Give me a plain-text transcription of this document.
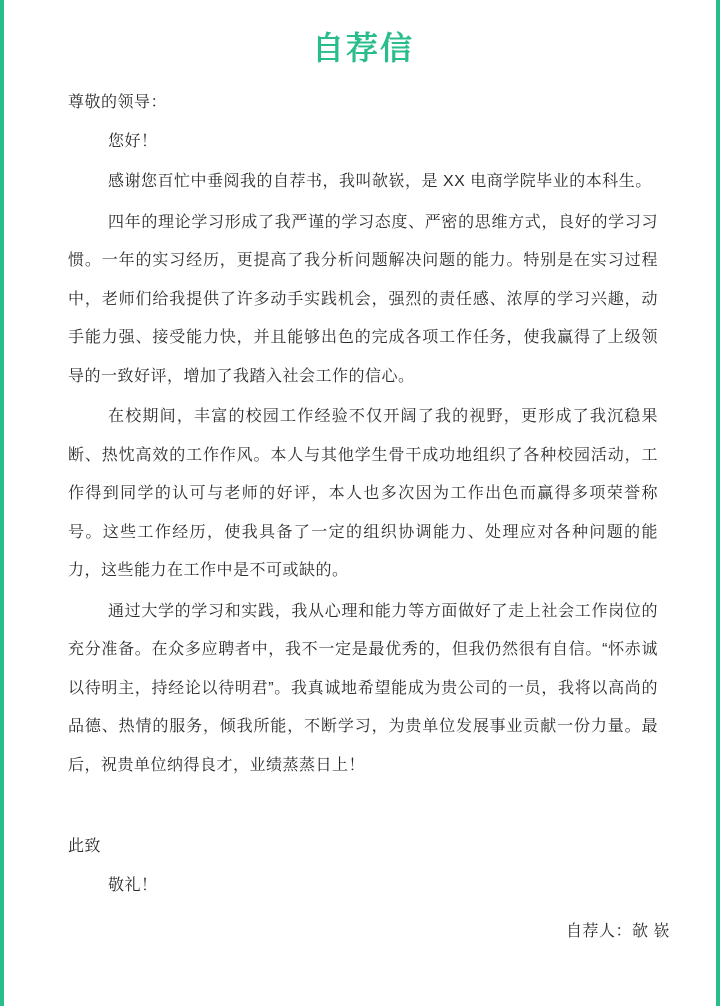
自荐信
尊敬的领导：
您好！

感谢您百忙中垂阅我的自荐书，我叫欹嵚，是 XX 电商学院毕业的本科生。

四年的理论学习形成了我严谨的学习态度、严密的思维方式，良好的学习习惯。一年的实习经历，更提高了我分析问题解决问题的能力。特别是在实习过程中，老师们给我提供了许多动手实践机会，强烈的责任感、浓厚的学习兴趣，动手能力强、接受能力快，并且能够出色的完成各项工作任务，使我赢得了上级领导的一致好评，增加了我踏入社会工作的信心。

在校期间，丰富的校园工作经验不仅开阔了我的视野，更形成了我沉稳果断、热忱高效的工作作风。本人与其他学生骨干成功地组织了各种校园活动，工作得到同学的认可与老师的好评，本人也多次因为工作出色而赢得多项荣誉称号。这些工作经历，使我具备了一定的组织协调能力、处理应对各种问题的能力，这些能力在工作中是不可或缺的。

通过大学的学习和实践，我从心理和能力等方面做好了走上社会工作岗位的充分准备。在众多应聘者中，我不一定是最优秀的，但我仍然很有自信。“怀赤诚以待明主，持经论以待明君”。我真诚地希望能成为贵公司的一员，我将以高尚的品德、热情的服务，倾我所能，不断学习，为贵单位发展事业贡献一份力量。最后，祝贵单位纳得良才，业绩蒸蒸日上！

此致
敬礼！
自荐人：欹 嵚
